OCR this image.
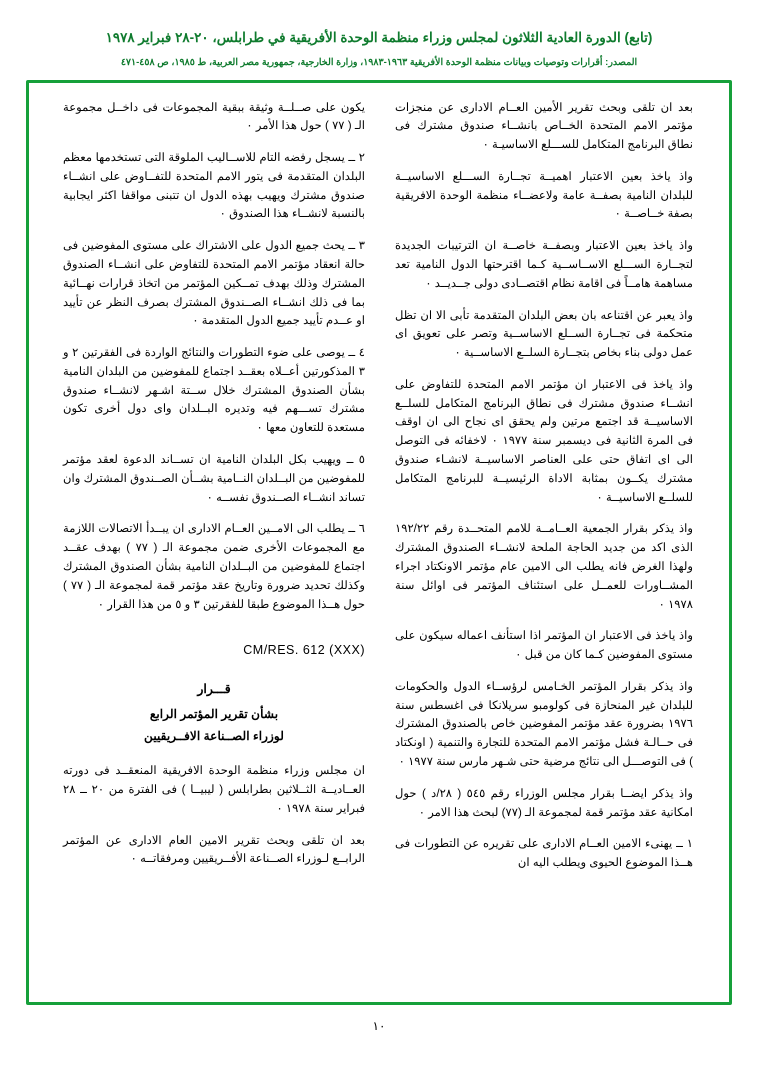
(تابع) الدورة العادية الثلاثون لمجلس وزراء منظمة الوحدة الأفريقية في طرابلس، ٢٠-٢٨ فبراير ١٩٧٨
المصدر: أقرارات وتوصيات وبيانات منظمة الوحدة الأفريقية ١٩٦٣-١٩٨٣، وزارة الخارجية، جمهورية مصر العربية، ط ١٩٨٥، ص ٤٥٨-٤٧١

بعد ان تلقى وبحث تقرير الأمين العــام الادارى عن منجزات مؤتمر الامم المتحدة الخــاص بانشــاء صندوق مشترك فى نطاق البرنامج المتكامل للســـلع الاساسيـة ٠

واذ ياخذ بعين الاعتبار اهميــة تجــارة الســـلع الاساسيــة للبلدان النامية بصفــة عامة ولاعضــاء منظمة الوحدة الافريقية بصفة خــاصــة ٠

واذ ياخذ بعين الاعتبار وبصفــة خاصــة ان الترتيبات الجديدة لتجــارة الســـلع الاســاســية كـما اقترحتها الدول النامية تعد مساهمة هامــاً فى اقامة نظام اقتصــادى دولى جــديــد ٠

واذ يعبر عن اقتناعه بان بعض البلدان المتقدمة تأبى الا ان تظل متحكمة فى تجــارة الســلع الاساســية وتصر على تعويق اى عمل دولى بناء بخاص بتجــارة السلــع الاساســية ٠

واذ ياخذ فى الاعتبار ان مؤتمر الامم المتحدة للتفاوض على انشــاء صندوق مشترك فى نطاق البرنامج المتكامل للسلــع الاساسيــة قد اجتمع مرتين ولم يحقق اى نجاح الى ان اوقف فى المرة الثانية فى ديسمبر سنة ١٩٧٧ ٠ لاخفائه فى التوصل الى اى اتفاق حتى على العناصر الاساسيــة لانشـاء صندوق مشترك يكــون بمثابة الاداة الرئيسيــة للبرنامج المتكامل للسلــع الاساسيــة ٠

واذ يذكر بقرار الجمعية العــامــة للامم المتحــدة رقم ١٩٢/٢٢ الذى اكد من جديد الحاجة الملحة لانشــاء الصندوق المشترك ولهذا الغرض فانه يطلب الى الامين عام مؤتمر الاونكتاد اجراء المشــاورات للعمــل على استئناف المؤتمر فى اوائل سنة ١٩٧٨ ٠

واذ ياخذ فى الاعتبار ان المؤتمر اذا استأنف اعماله سيكون على مستوى المفوضين كـما كان من قبل ٠

واذ يذكر بقرار المؤتمر الخـامس لرؤســاء الدول والحكومات للبلدان غير المنحازة فى كولومبو سريلانكا فى اغسطس سنة ١٩٧٦ بضرورة عقد مؤتمر المفوضين خاص بالصندوق المشترك فى حــالـة فشل مؤتمر الامم المتحدة للتجارة والتنمية ( اونكتاد ) فى التوصـــل الى نتائج مرضية حتى شـهر مارس سنة ١٩٧٧ ٠

واذ يذكر ايضــا بقرار مجلس الوزراء رقم ٥٤٥ ( ٢٨/د ) حول امكانية عقد مؤتمر قمة لمجموعة الـ (٧٧) لبحث هذا الامر ٠

١ ــ يهنىء الامين العــام الادارى على تقريره عن التطورات فى هــذا الموضوع الحيوى ويطلب اليه ان

يكون على صــلــة وثيقة ببقية المجموعات فى داخــل مجموعة الـ ( ٧٧ ) حول هذا الأمر ٠

٢ ــ يسجل رفضه التام للاســاليب الملوقة التى تستخدمها معظم البلدان المتقدمة فى يتور الامم المتحدة للتفــاوض على انشــاء صندوق مشترك ويهيب بهذه الدول ان تتبنى مواقفا اكثر ايجابية بالنسبة لانشــاء هذا الصندوق ٠

٣ ــ يحث جميع الدول على الاشتراك على مستوى المفوضين فى حالة انعقاد مؤتمر الامم المتحدة للتفاوض على انشــاء الصندوق المشترك وذلك بهدف تمــكين المؤتمر من اتخاذ قرارات نهــائية بما فى ذلك انشــاء الصــندوق المشترك بصرف النظر عن تأييد او عــدم تأييد جميع الدول المتقدمة ٠

٤ ــ يوصى على ضوء التطورات والنتائج الواردة فى الفقرتين ٢ و ٣ المذكورتين أعــلاه بعقــد اجتماع للمفوضين من البلدان النامية بشأن الصندوق المشترك خلال ســتة اشـهر لانشــاء صندوق مشترك تســـهم فيه وتديره البــلدان واى دول أخرى تكون مستعدة للتعاون معها ٠

٥ ــ ويهيب بكل البلدان النامية ان تســاند الدعوة لعقد مؤتمر للمفوضين من البــلدان النــامية بشــأن الصــندوق المشترك وان تساند انشــاء الصــندوق نفســه ٠

٦ ــ يطلب الى الامــين العــام الادارى ان يبــدأ الاتصالات اللازمة مع المجموعات الأخرى ضمن مجموعة الـ ( ٧٧ ) بهدف عقــد اجتماع للمفوضين من البــلدان النامية بشأن الصندوق المشترك وكذلك تحديد ضرورة وتاريخ عقد مؤتمر قمة لمجموعة الـ ( ٧٧ ) حول هــذا الموضوع طبقا للفقرتين ٣ و ٥ من هذا القرار ٠

CM/RES. 612 (XXX)
قـــرار
بشأن تقرير المؤتمر الرابع
لوزراء الصــناعة الافــريقيين

ان مجلس وزراء منظمة الوحدة الافريقية المنعقــد فى دورته العــاديــة الثــلاثين بطرابلس ( ليبيــا ) فى الفترة من ٢٠ ــ ٢٨ فبراير سنة ١٩٧٨ ٠

بعد ان تلقى وبحث تقرير الامين العام الادارى عن المؤتمر الرابــع لـوزراء الصــناعة الأفــريقيين ومرفقاتــه ٠

١٠
